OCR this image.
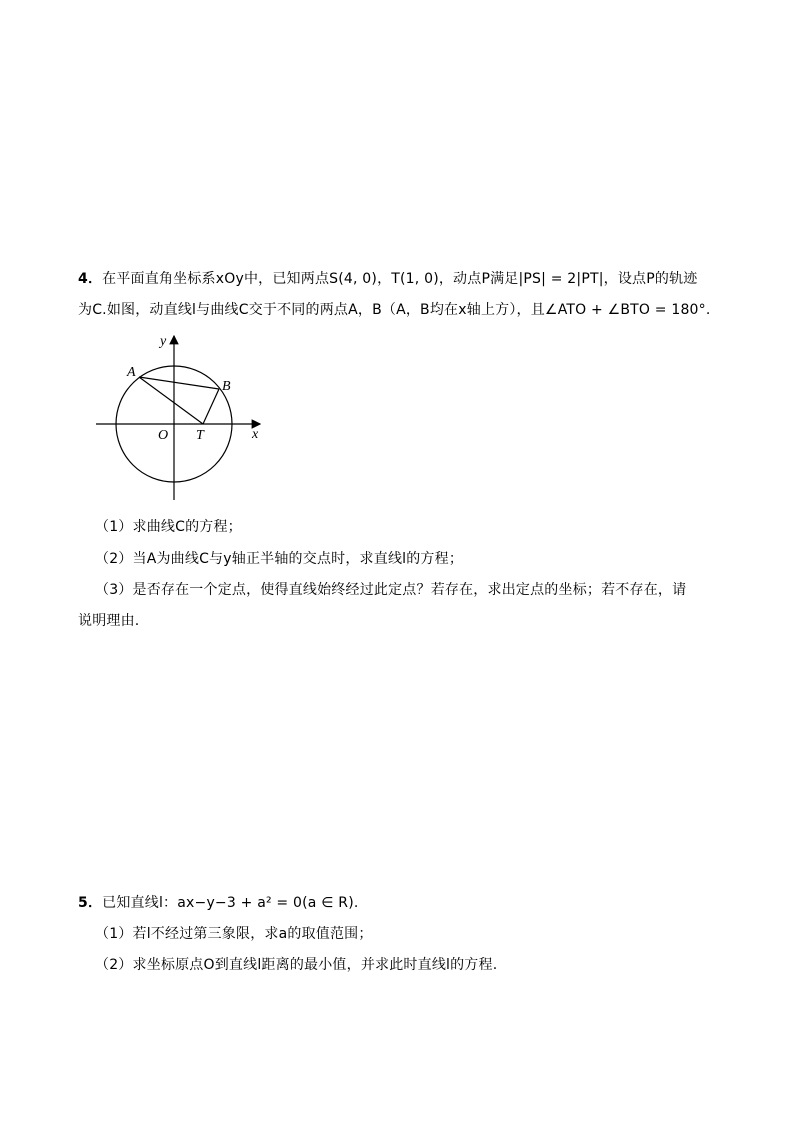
4．在平面直角坐标系xOy中，已知两点S(4, 0)，T(1, 0)，动点P满足|PS| = 2|PT|，设点P的轨迹
为C.如图，动直线l与曲线C交于不同的两点A，B（A，B均在x轴上方），且∠ATO + ∠BTO = 180°.
y
x
O T
A
B
（1）求曲线C的方程；
（2）当A为曲线C与y轴正半轴的交点时，求直线l的方程；
（3）是否存在一个定点，使得直线始终经过此定点？若存在，求出定点的坐标；若不存在，请
说明理由.
5．已知直线l：ax−y−3 + a² = 0(a ∈ R).
（1）若l不经过第三象限，求a的取值范围；
（2）求坐标原点O到直线l距离的最小值，并求此时直线l的方程.
